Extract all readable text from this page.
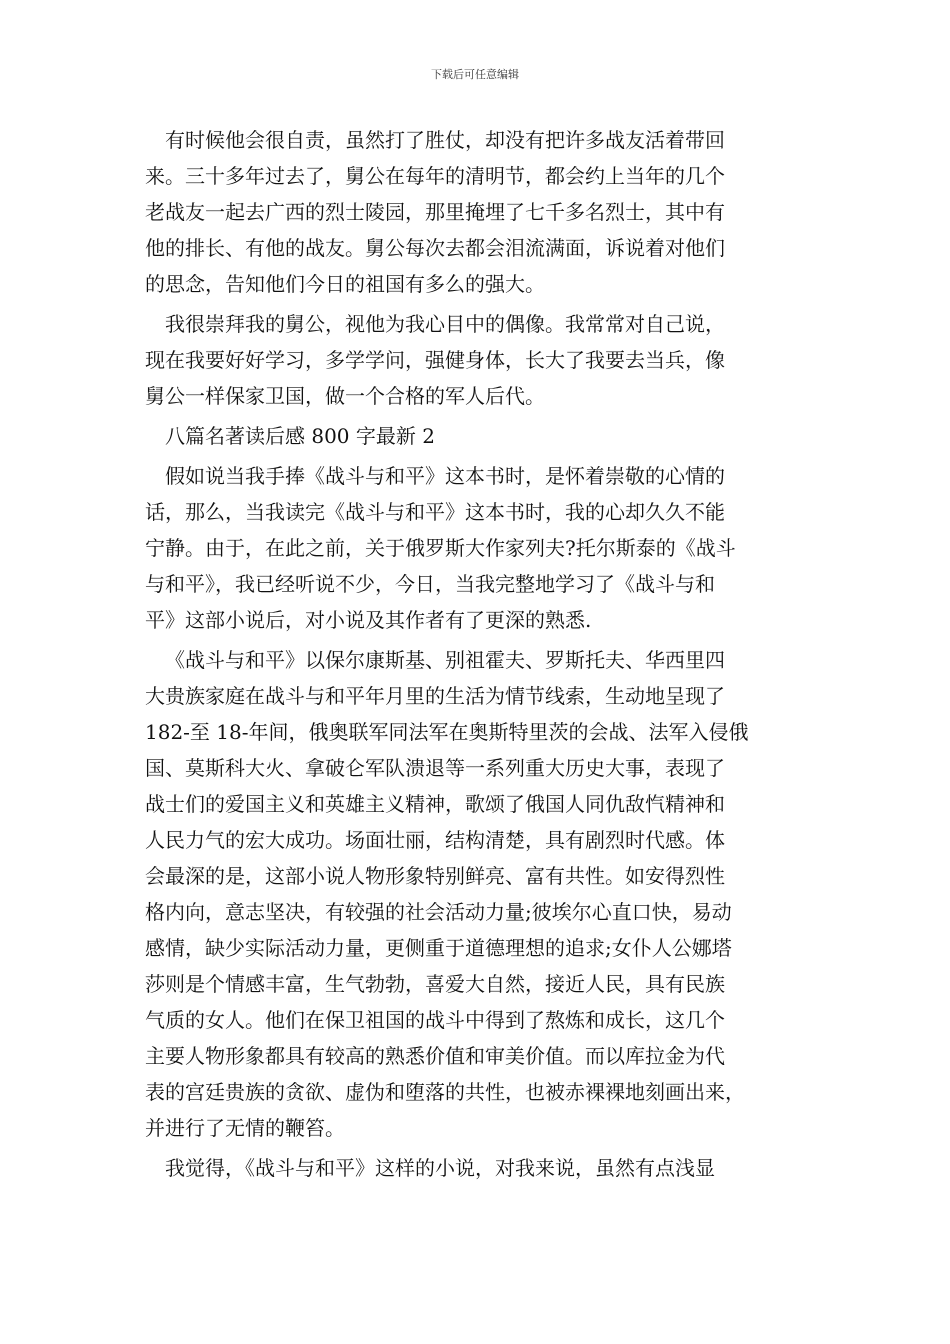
下载后可任意编辑
有时候他会很自责，虽然打了胜仗，却没有把许多战友活着带回
来。三十多年过去了，舅公在每年的清明节，都会约上当年的几个
老战友一起去广西的烈士陵园，那里掩埋了七千多名烈士，其中有
他的排长、有他的战友。舅公每次去都会泪流满面，诉说着对他们
的思念，告知他们今日的祖国有多么的强大。
我很崇拜我的舅公，视他为我心目中的偶像。我常常对自己说，
现在我要好好学习，多学学问，强健身体，长大了我要去当兵，像
舅公一样保家卫国，做一个合格的军人后代。
八篇名著读后感 800 字最新 2
假如说当我手捧《战斗与和平》这本书时，是怀着崇敬的心情的
话，那么，当我读完《战斗与和平》这本书时，我的心却久久不能
宁静。由于，在此之前，关于俄罗斯大作家列夫?托尔斯泰的《战斗
与和平》，我已经听说不少，今日，当我完整地学习了《战斗与和
平》这部小说后，对小说及其作者有了更深的熟悉.
《战斗与和平》以保尔康斯基、别祖霍夫、罗斯托夫、华西里四
大贵族家庭在战斗与和平年月里的生活为情节线索，生动地呈现了
182-至 18-年间，俄奥联军同法军在奥斯特里茨的会战、法军入侵俄
国、莫斯科大火、拿破仑军队溃退等一系列重大历史大事，表现了
战士们的爱国主义和英雄主义精神，歌颂了俄国人同仇敌忾精神和
人民力气的宏大成功。场面壮丽，结构清楚，具有剧烈时代感。体
会最深的是，这部小说人物形象特别鲜亮、富有共性。如安得烈性
格内向，意志坚决，有较强的社会活动力量;彼埃尔心直口快，易动
感情，缺少实际活动力量，更侧重于道德理想的追求;女仆人公娜塔
莎则是个情感丰富，生气勃勃，喜爱大自然，接近人民，具有民族
气质的女人。他们在保卫祖国的战斗中得到了熬炼和成长，这几个
主要人物形象都具有较高的熟悉价值和审美价值。而以库拉金为代
表的宫廷贵族的贪欲、虚伪和堕落的共性，也被赤裸裸地刻画出来，
并进行了无情的鞭笞。
我觉得，《战斗与和平》这样的小说，对我来说，虽然有点浅显
